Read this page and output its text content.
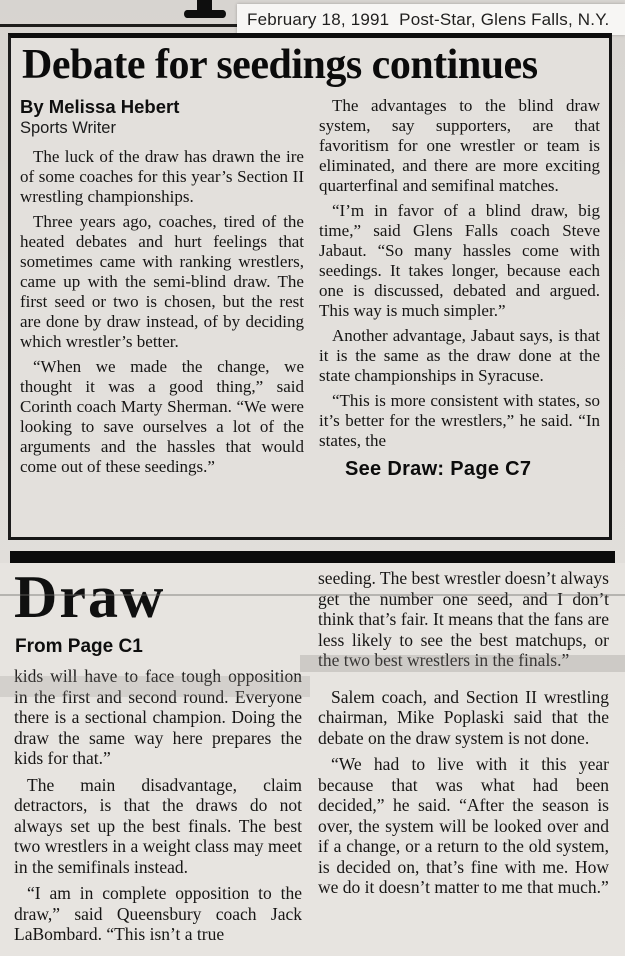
February 18, 1991  Post-Star, Glens Falls, N.Y.
Debate for seedings continues
By Melissa Hebert
Sports Writer

The luck of the draw has drawn the ire of some coaches for this year’s Section II wrestling championships.

Three years ago, coaches, tired of the heated debates and hurt feelings that sometimes came with ranking wrestlers, came up with the semi-blind draw. The first seed or two is chosen, but the rest are done by draw instead, of by deciding which wrestler’s better.

“When we made the change, we thought it was a good thing,” said Corinth coach Marty Sherman. “We were looking to save ourselves a lot of the arguments and the hassles that would come out of these seedings.”

The advantages to the blind draw system, say supporters, are that favoritism for one wrestler or team is eliminated, and there are more exciting quarterfinal and semifinal matches.

“I’m in favor of a blind draw, big time,” said Glens Falls coach Steve Jabaut. “So many hassles come with seedings. It takes longer, because each one is discussed, debated and argued. This way is much simpler.”

Another advantage, Jabaut says, is that it is the same as the draw done at the state championships in Syracuse.

“This is more consistent with states, so it’s better for the wrestlers,” he said. “In states, the

See Draw: Page C7
Draw
From Page C1

kids will have to face tough opposition in the first and second round. Everyone there is a sectional champion. Doing the draw the same way here prepares the kids for that.”

The main disadvantage, claim detractors, is that the draws do not always set up the best finals. The best two wrestlers in a weight class may meet in the semifinals instead.

“I am in complete opposition to the draw,” said Queensbury coach Jack LaBombard. “This isn’t a true

seeding. The best wrestler doesn’t always get the number one seed, and I don’t think that’s fair. It means that the fans are less likely to see the best matchups, or the two best wrestlers in the finals.”

Salem coach, and Section II wrestling chairman, Mike Poplaski said that the debate on the draw system is not done.

“We had to live with it this year because that was what had been decided,” he said. “After the season is over, the system will be looked over and if a change, or a return to the old system, is decided on, that’s fine with me. How we do it doesn’t matter to me that much.”
